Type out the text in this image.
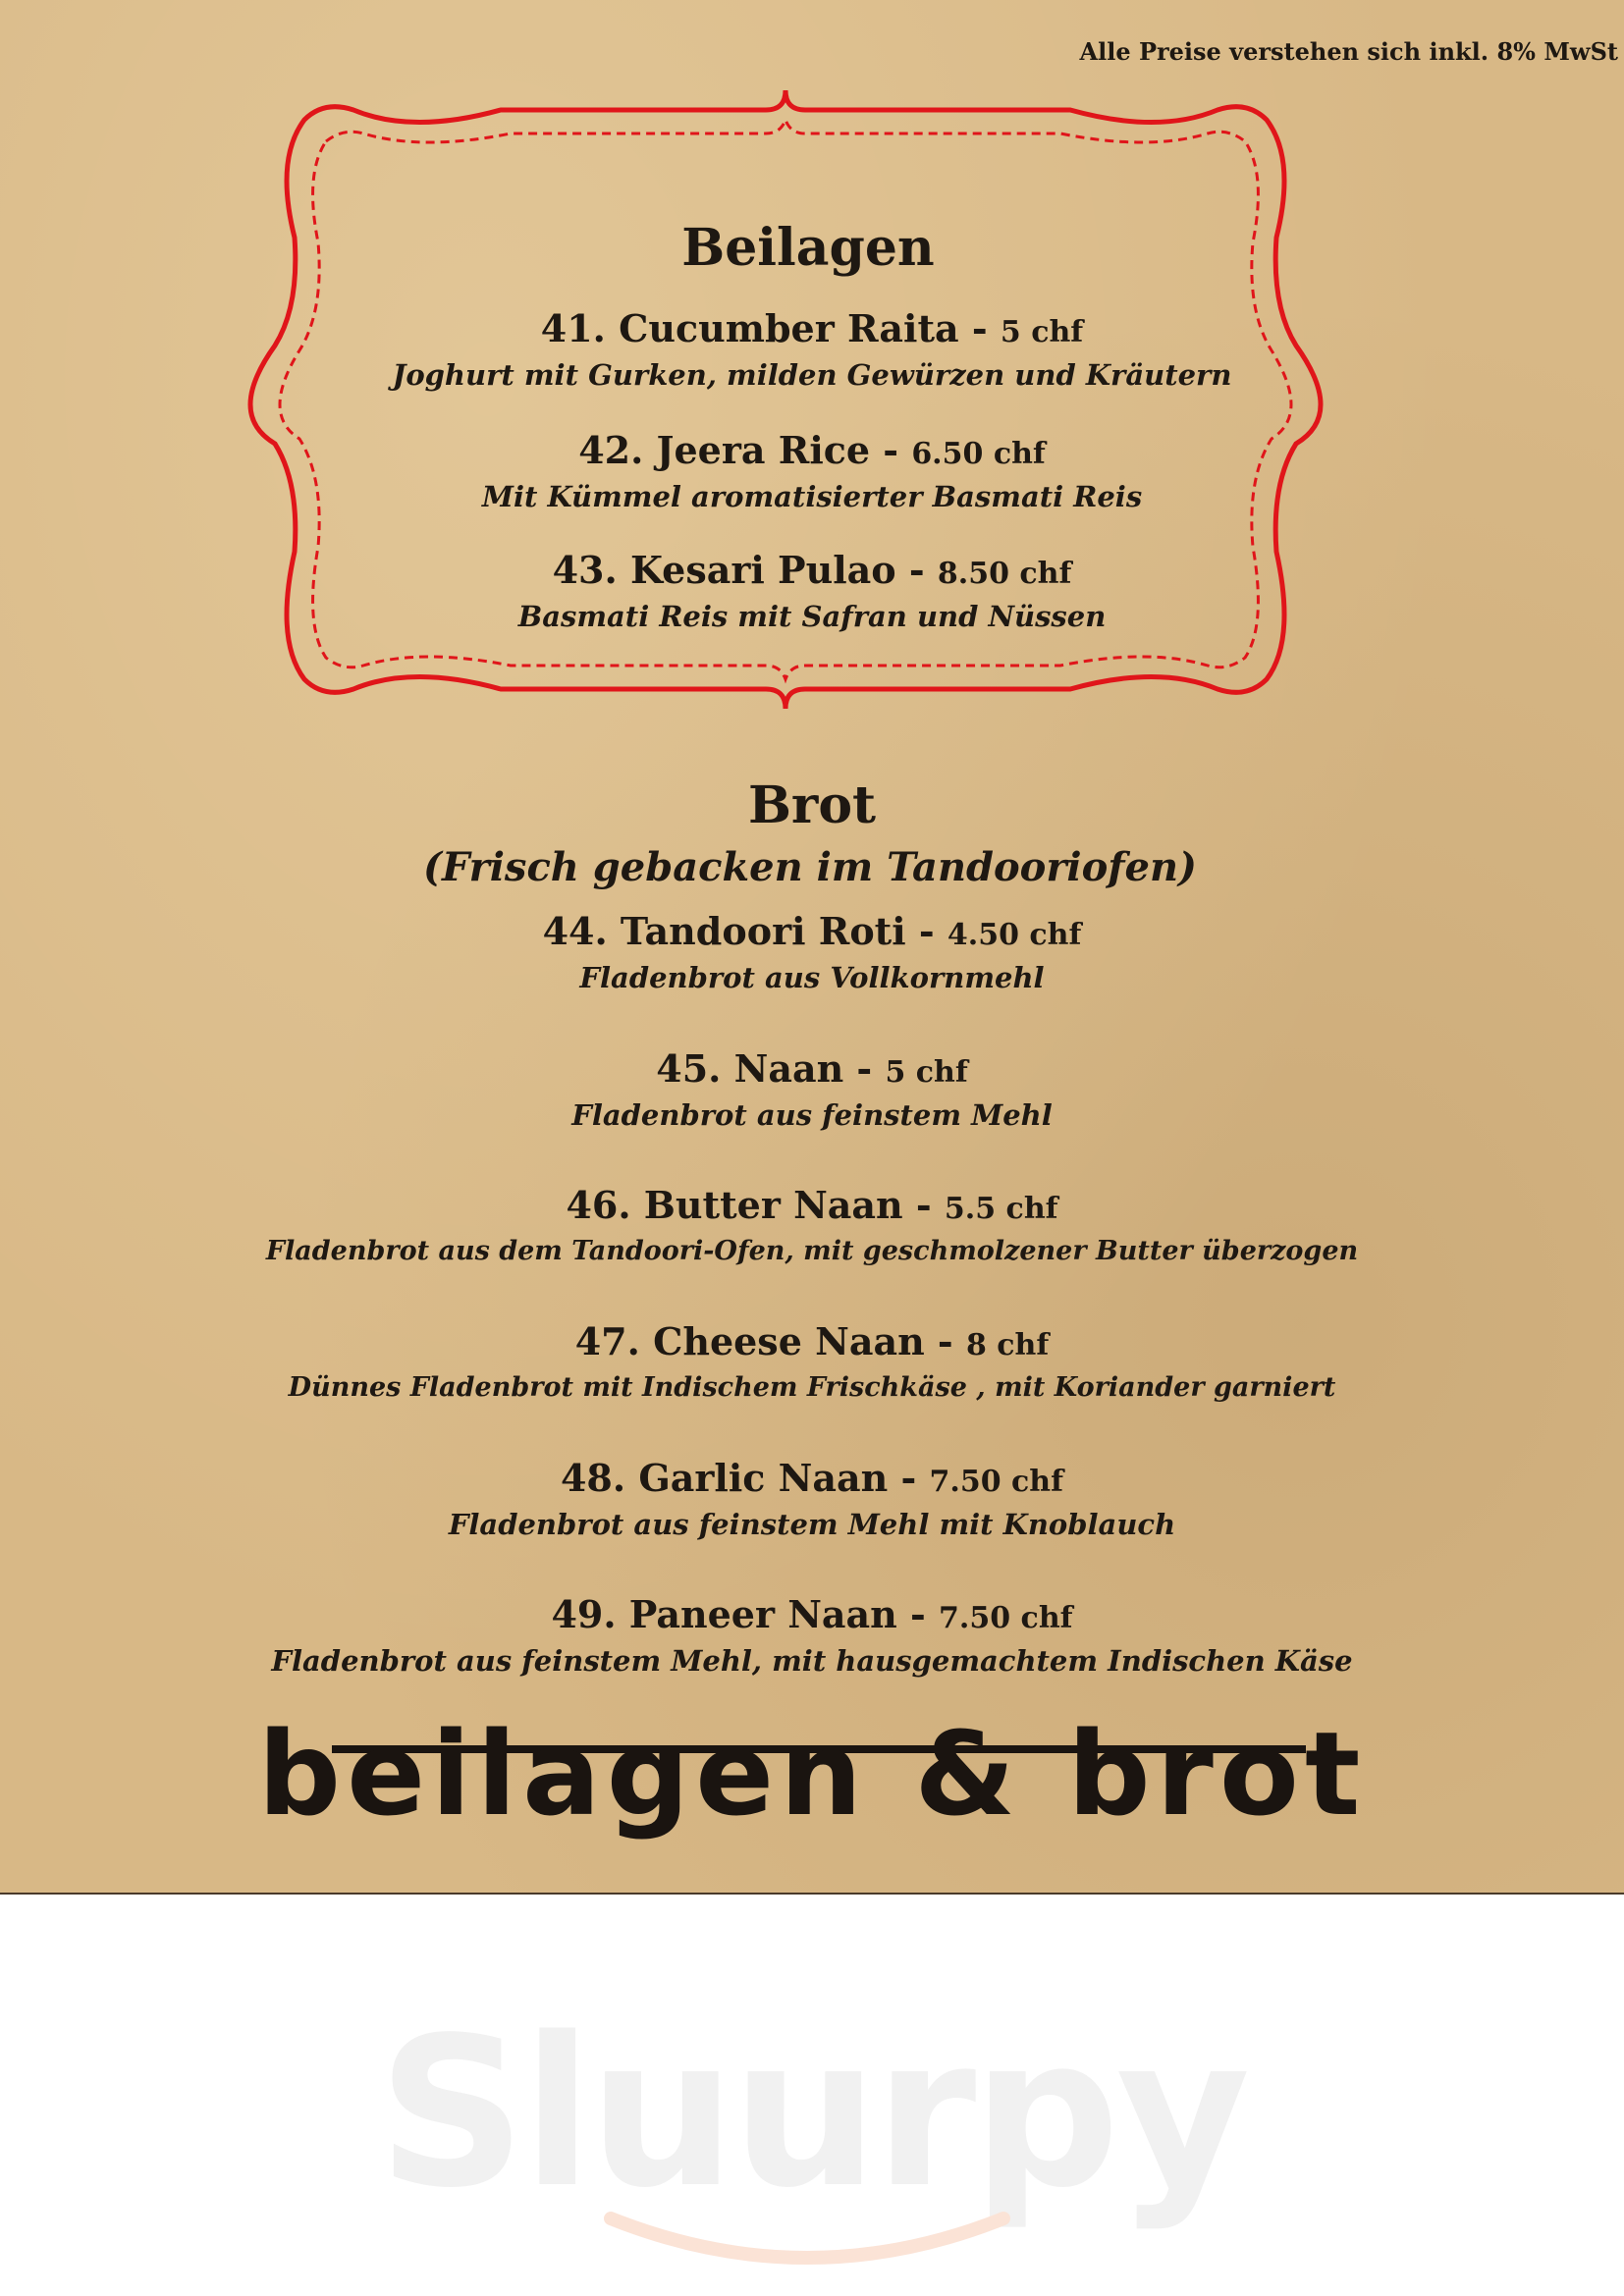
Alle Preise verstehen sich inkl. 8% MwSt
Beilagen
41. Cucumber Raita - 5 chf
Joghurt mit Gurken, milden Gewürzen und Kräutern
42. Jeera Rice - 6.50 chf
Mit Kümmel aromatisierter Basmati Reis
43. Kesari Pulao - 8.50 chf
Basmati Reis mit Safran und Nüssen
Brot
(Frisch gebacken im Tandooriofen)
44. Tandoori Roti - 4.50 chf
Fladenbrot aus Vollkornmehl
45. Naan - 5 chf
Fladenbrot aus feinstem Mehl
46. Butter Naan - 5.5 chf
Fladenbrot aus dem Tandoori-Ofen, mit geschmolzener Butter überzogen
47. Cheese Naan - 8 chf
Dünnes Fladenbrot mit Indischem Frischkäse , mit Koriander garniert
48. Garlic Naan - 7.50 chf
Fladenbrot aus feinstem Mehl mit Knoblauch
49. Paneer Naan - 7.50 chf
Fladenbrot aus feinstem Mehl, mit hausgemachtem Indischen Käse
beilagen & brot
Sluurpy
